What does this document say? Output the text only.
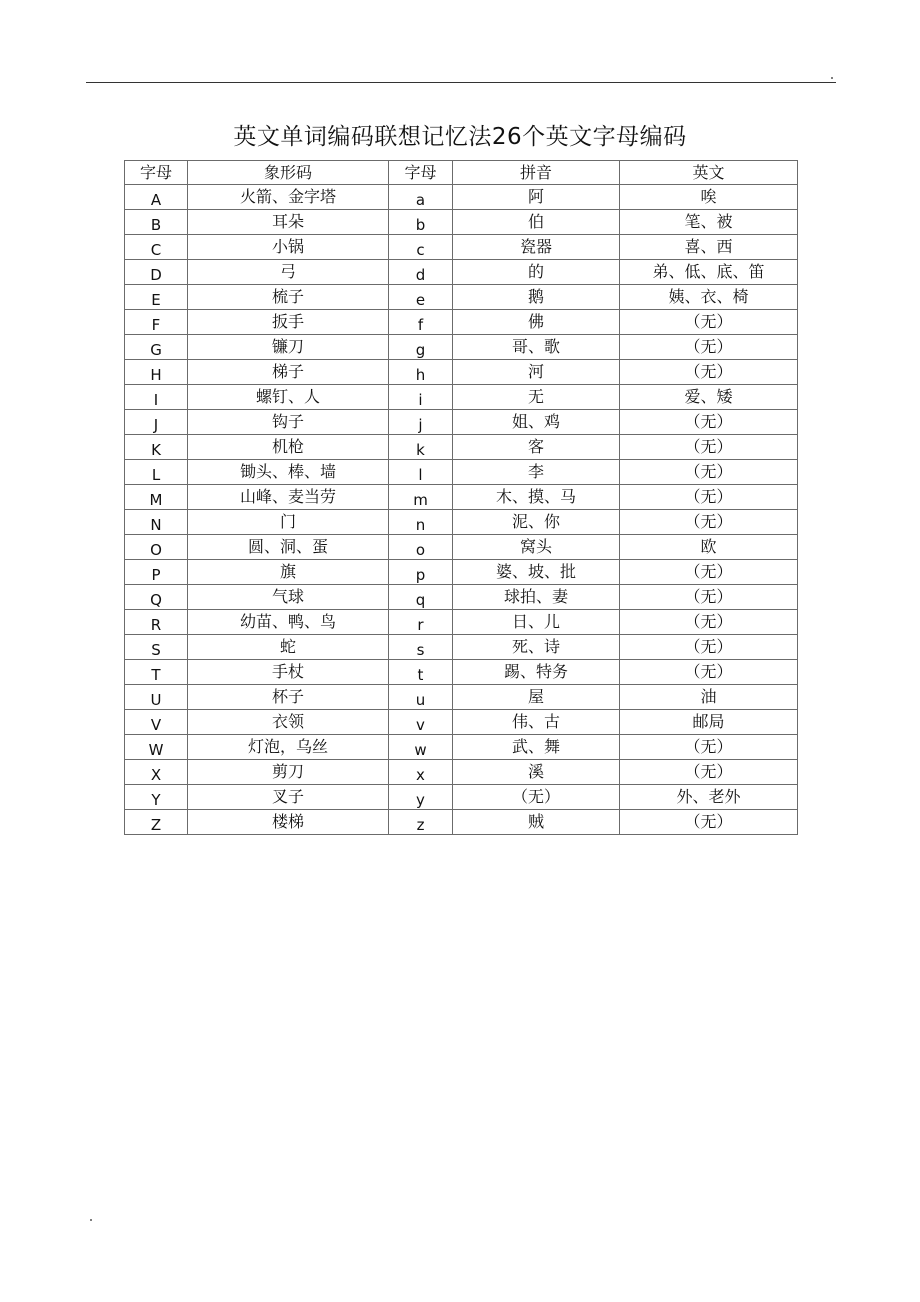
英文单词编码联想记忆法26个英文字母编码
字母	象形码	字母	拼音	英文
A	火箭、金字塔	a	阿	唉
B	耳朵	b	伯	笔、被
C	小锅	c	瓷器	喜、西
D	弓	d	的	弟、低、底、笛
E	梳子	e	鹅	姨、衣、椅
F	扳手	f	佛	（无）
G	镰刀	g	哥、歌	（无）
H	梯子	h	河	（无）
I	螺钉、人	i	无	爱、矮
J	钩子	j	姐、鸡	（无）
K	机枪	k	客	（无）
L	锄头、棒、墙	l	李	（无）
M	山峰、麦当劳	m	木、摸、马	（无）
N	门	n	泥、你	（无）
O	圆、洞、蛋	o	窝头	欧
P	旗	p	婆、坡、批	（无）
Q	气球	q	球拍、妻	（无）
R	幼苗、鸭、鸟	r	日、儿	（无）
S	蛇	s	死、诗	（无）
T	手杖	t	踢、特务	（无）
U	杯子	u	屋	油
V	衣领	v	伟、古	邮局
W	灯泡，乌丝	w	武、舞	（无）
X	剪刀	x	溪	（无）
Y	叉子	y	（无）	外、老外
Z	楼梯	z	贼	（无）
